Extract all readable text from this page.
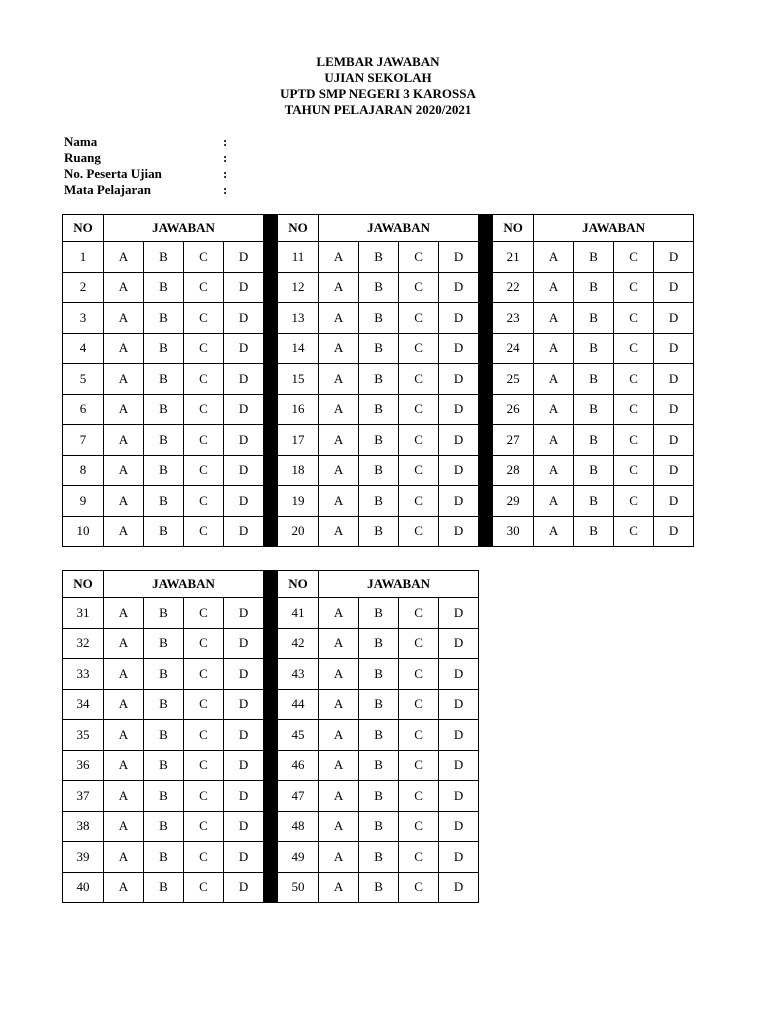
LEMBAR JAWABAN
UJIAN SEKOLAH
UPTD SMP NEGERI 3 KAROSSA
TAHUN PELAJARAN 2020/2021
Nama	:
Ruang	:
No. Peserta Ujian	:
Mata Pelajaran	:
NO	JAWABAN					NO	JAWABAN					NO	JAWABAN			
1	A	B	C	D		11	A	B	C	D		21	A	B	C	D
2	A	B	C	D		12	A	B	C	D		22	A	B	C	D
3	A	B	C	D		13	A	B	C	D		23	A	B	C	D
4	A	B	C	D		14	A	B	C	D		24	A	B	C	D
5	A	B	C	D		15	A	B	C	D		25	A	B	C	D
6	A	B	C	D		16	A	B	C	D		26	A	B	C	D
7	A	B	C	D		17	A	B	C	D		27	A	B	C	D
8	A	B	C	D		18	A	B	C	D		28	A	B	C	D
9	A	B	C	D		19	A	B	C	D		29	A	B	C	D
10	A	B	C	D		20	A	B	C	D		30	A	B	C	D
NO	JAWABAN					NO	JAWABAN			
31	A	B	C	D		41	A	B	C	D
32	A	B	C	D		42	A	B	C	D
33	A	B	C	D		43	A	B	C	D
34	A	B	C	D		44	A	B	C	D
35	A	B	C	D		45	A	B	C	D
36	A	B	C	D		46	A	B	C	D
37	A	B	C	D		47	A	B	C	D
38	A	B	C	D		48	A	B	C	D
39	A	B	C	D		49	A	B	C	D
40	A	B	C	D		50	A	B	C	D
